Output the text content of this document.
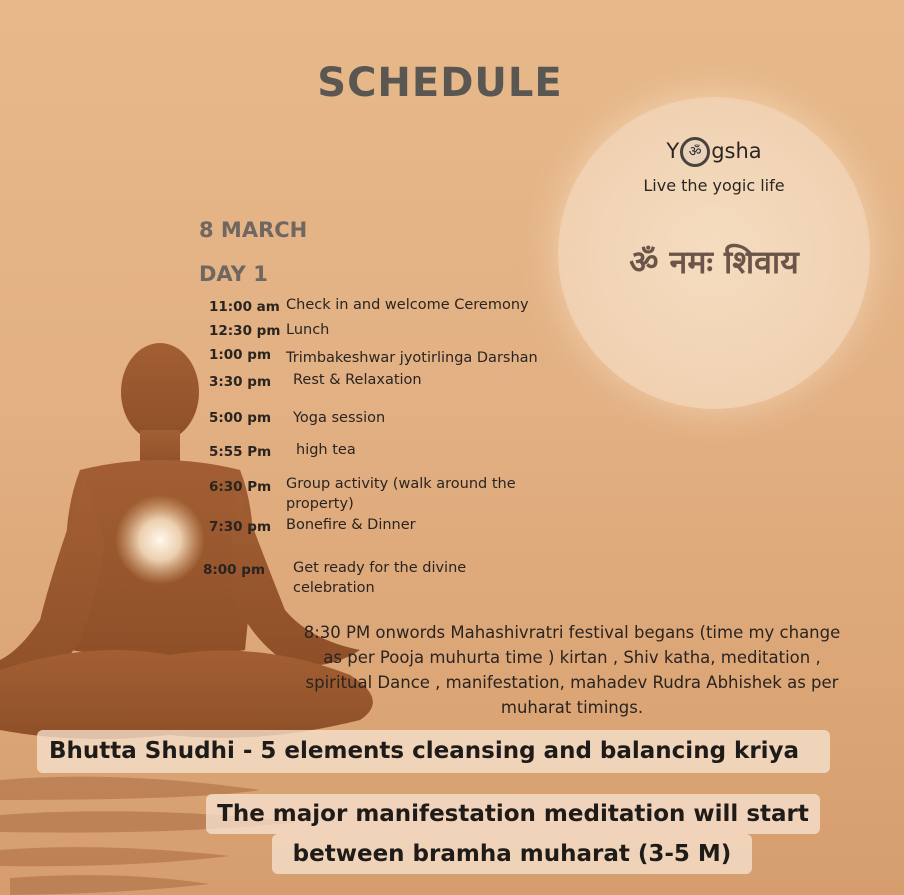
SCHEDULE
Y ॐ gsha
Live the yogic life
ॐ नमः शिवाय
8 MARCH
DAY 1
11:00 am Check in and welcome Ceremony
12:30 pm Lunch
1:00 pm Trimbakeshwar jyotirlinga Darshan
3:30 pm Rest & Relaxation
5:00 pm Yoga session
5:55 Pm high tea
6:30 Pm Group activity (walk around the property)
7:30 pm Bonefire & Dinner
8:00 pm Get ready for the divine celebration
8:30 PM onwords Mahashivratri festival begans (time my change as per Pooja muhurta time ) kirtan , Shiv katha, meditation , spiritual Dance , manifestation, mahadev Rudra Abhishek as per muharat timings.
Bhutta Shudhi - 5 elements cleansing and balancing kriya
The major manifestation meditation will start
between bramha muharat (3-5 M)
